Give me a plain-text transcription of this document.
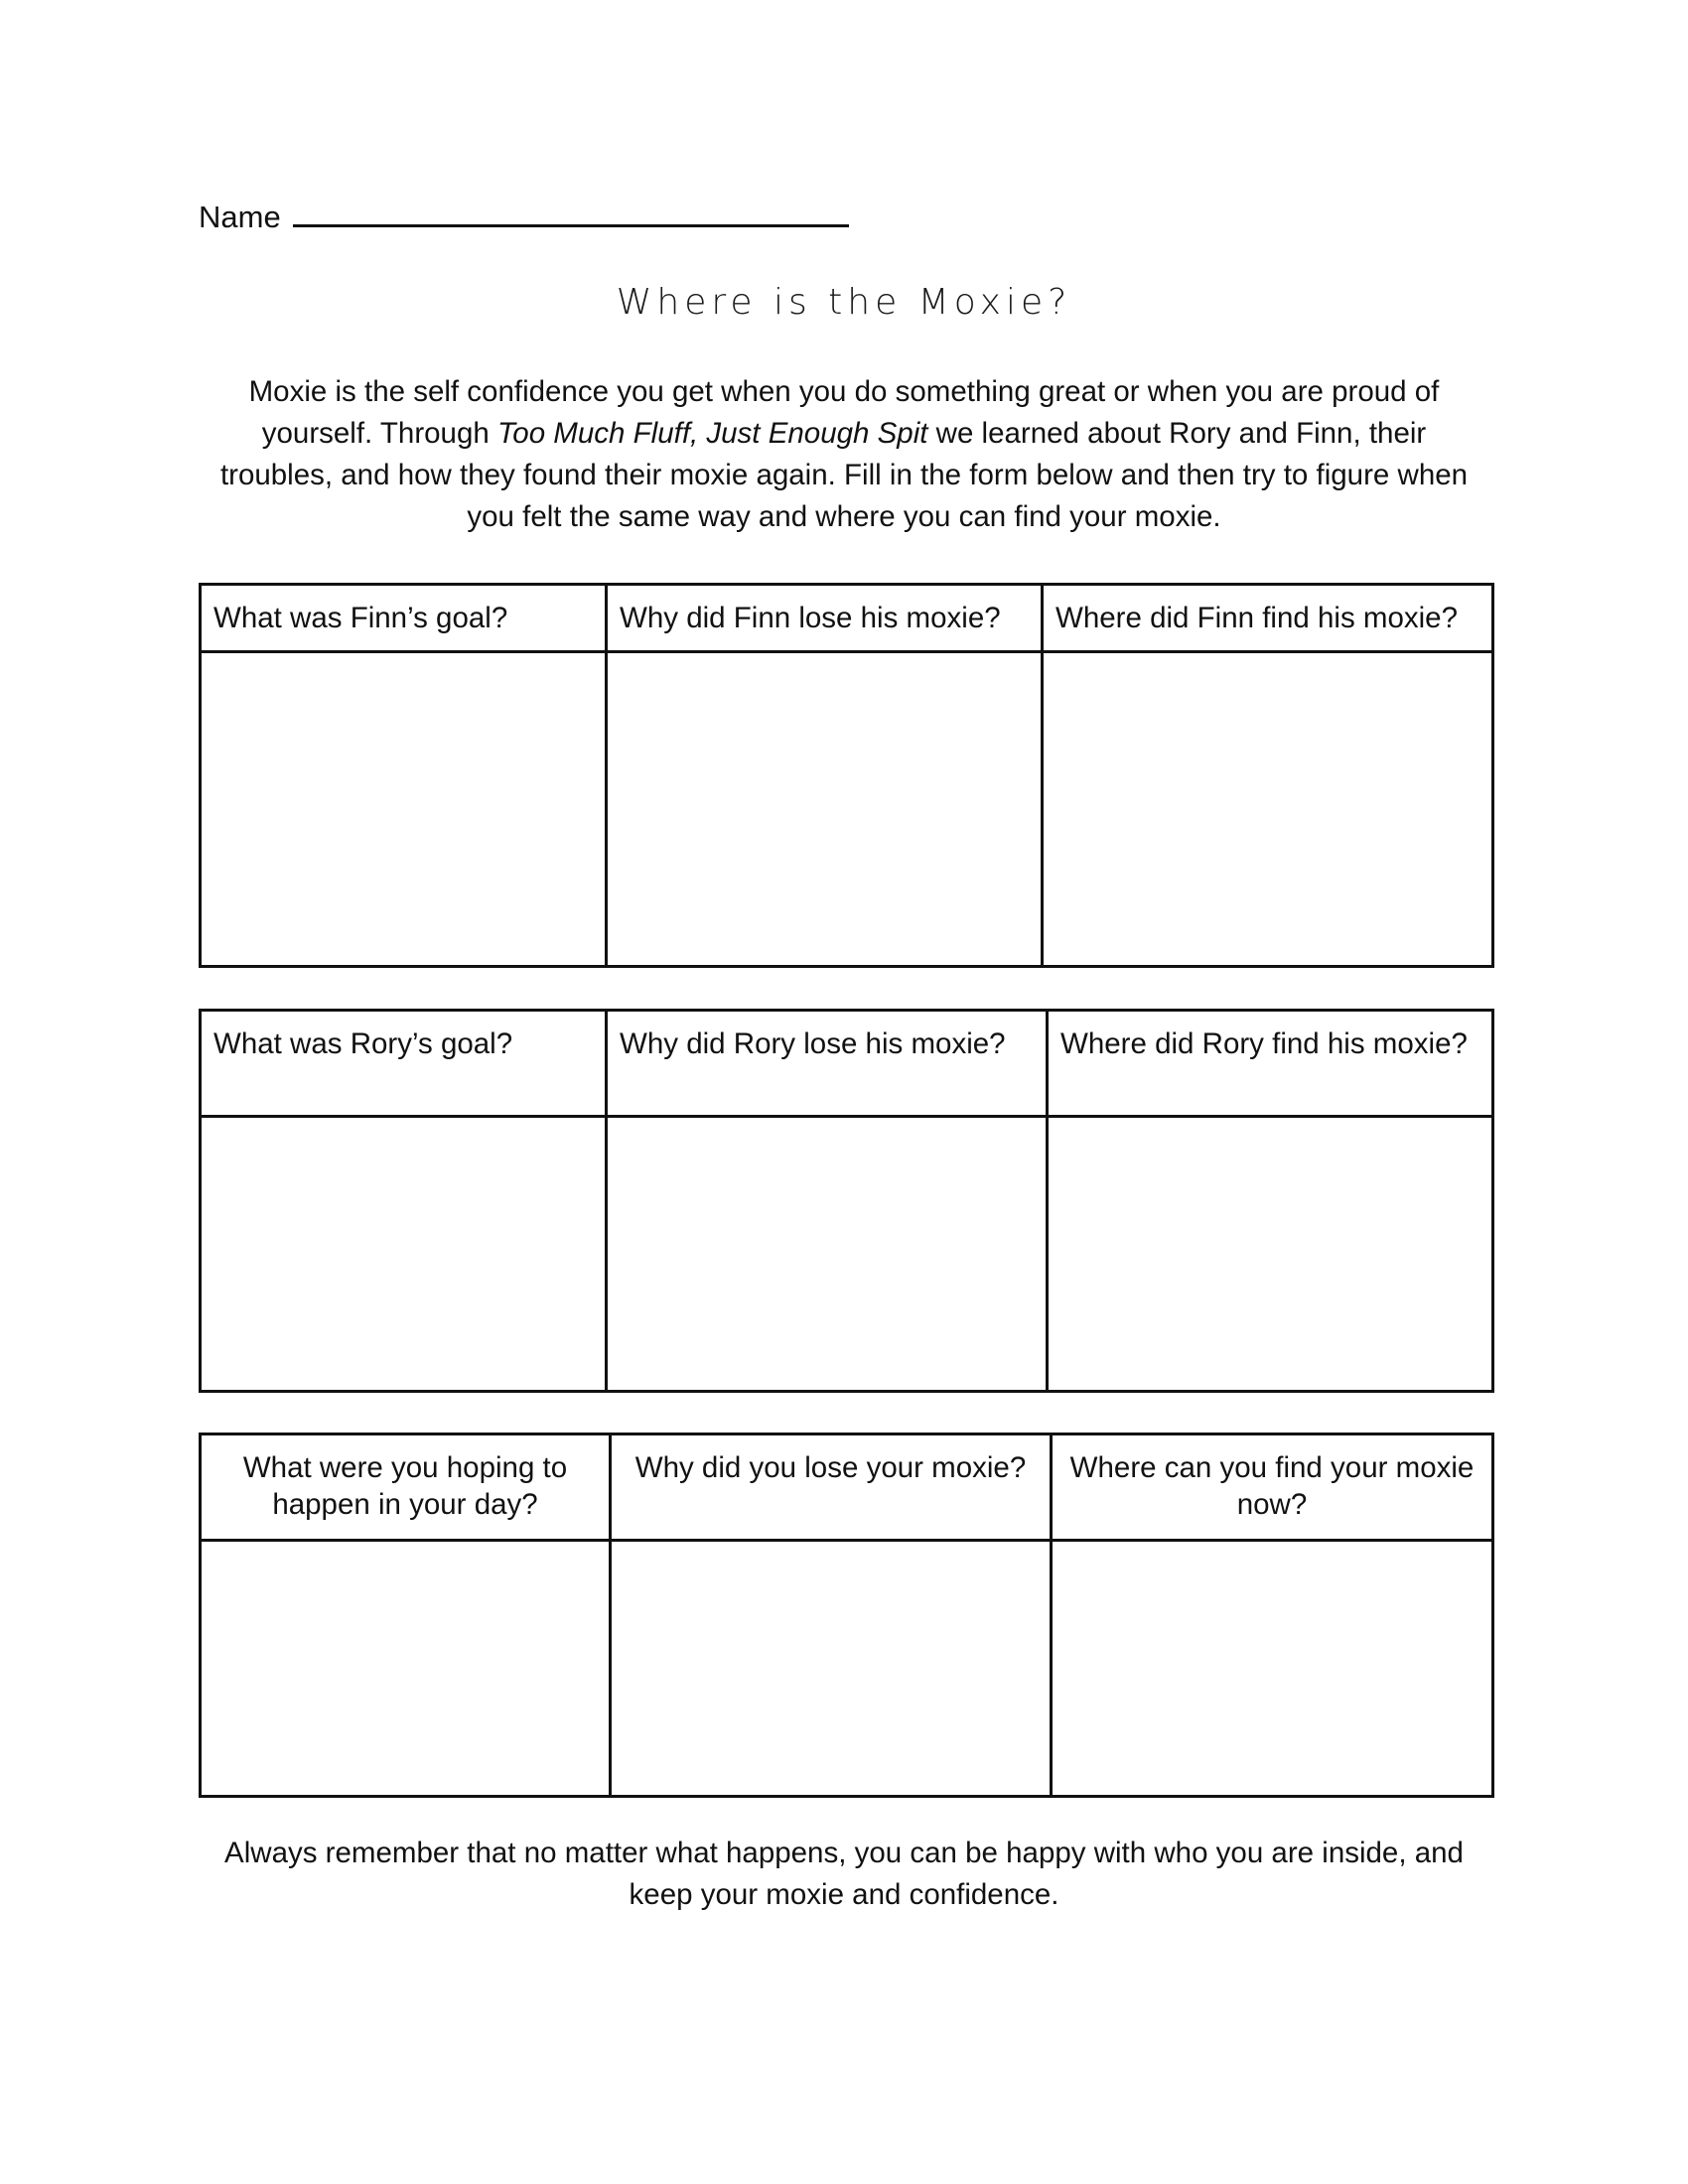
Name
Where is the Moxie?
Moxie is the self confidence you get when you do something great or when you are proud of yourself. Through Too Much Fluff, Just Enough Spit we learned about Rory and Finn, their troubles, and how they found their moxie again. Fill in the form below and then try to figure when you felt the same way and where you can find your moxie.
What was Finn’s goal?	Why did Finn lose his moxie?	Where did Finn find his moxie?

What was Rory’s goal?	Why did Rory lose his moxie?	Where did Rory find his moxie?

What were you hoping to happen in your day?	Why did you lose your moxie?	Where can you find your moxie now?

Always remember that no matter what happens, you can be happy with who you are inside, and keep your moxie and confidence.
